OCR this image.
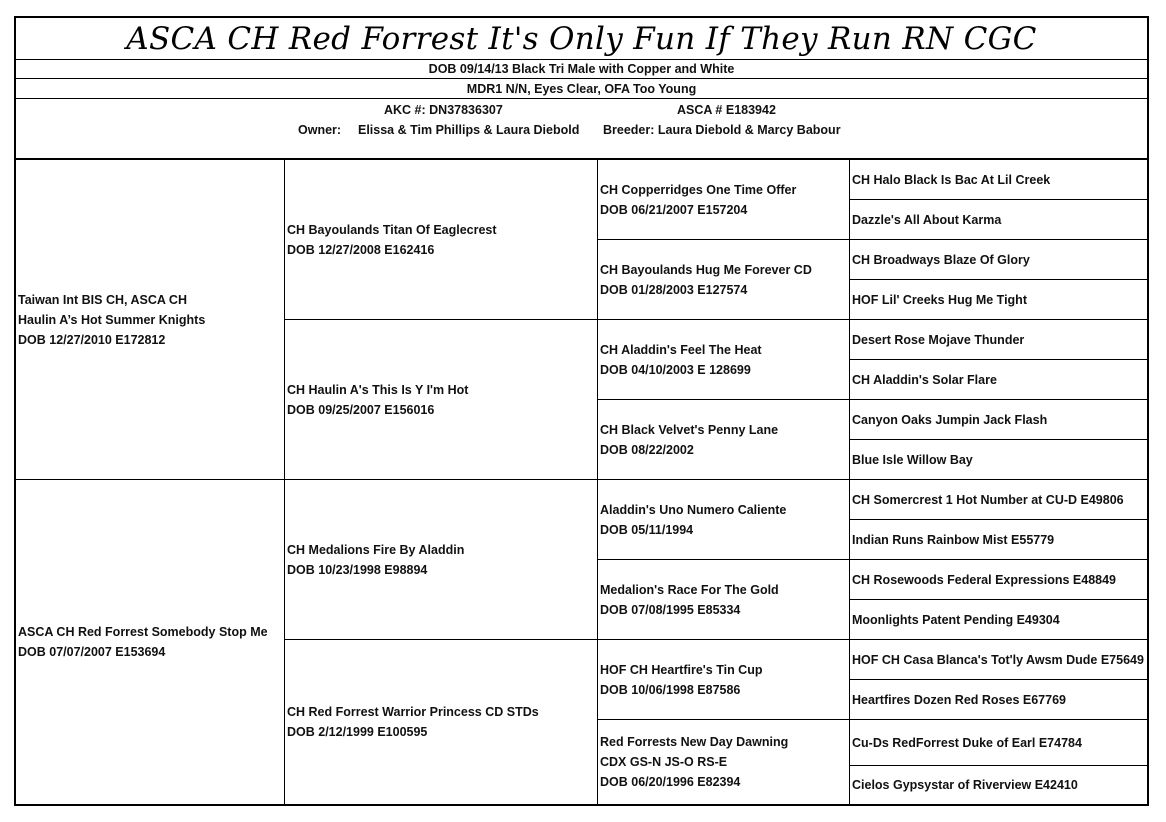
ASCA CH Red Forrest It's Only Fun If They Run RN CGC
DOB 09/14/13 Black Tri Male with Copper and White
MDR1 N/N, Eyes Clear, OFA Too Young
AKC #: DN37836307	ASCA # E183942
Owner: Elissa & Tim Phillips & Laura Diebold Breeder: Laura Diebold & Marcy Babour
Taiwan Int BIS CH, ASCA CH
Haulin A’s Hot Summer Knights
DOB 12/27/2010 E172812
ASCA CH Red Forrest Somebody Stop Me
DOB 07/07/2007 E153694
CH Bayoulands Titan Of Eaglecrest
DOB 12/27/2008 E162416
CH Haulin A's This Is Y I'm Hot
DOB 09/25/2007 E156016
CH Medalions Fire By Aladdin
DOB 10/23/1998 E98894
CH Red Forrest Warrior Princess CD STDs
DOB 2/12/1999 E100595
CH Copperridges One Time Offer
DOB 06/21/2007 E157204
CH Bayoulands Hug Me Forever CD
DOB 01/28/2003 E127574
CH Aladdin's Feel The Heat
DOB 04/10/2003 E 128699
CH Black Velvet's Penny Lane
DOB 08/22/2002
Aladdin's Uno Numero Caliente
DOB 05/11/1994
Medalion's Race For The Gold
DOB 07/08/1995 E85334
HOF CH Heartfire's Tin Cup
DOB 10/06/1998 E87586
Red Forrests New Day Dawning
CDX GS-N JS-O RS-E
DOB 06/20/1996 E82394
CH Halo Black Is Bac At Lil Creek
Dazzle's All About Karma
CH Broadways Blaze Of Glory
HOF Lil' Creeks Hug Me Tight
Desert Rose Mojave Thunder
CH Aladdin's Solar Flare
Canyon Oaks Jumpin Jack Flash
Blue Isle Willow Bay
CH Somercrest 1 Hot Number at CU-D E49806
Indian Runs Rainbow Mist E55779
CH Rosewoods Federal Expressions E48849
Moonlights Patent Pending E49304
HOF CH Casa Blanca's Tot'ly Awsm Dude E75649
Heartfires Dozen Red Roses E67769
Cu-Ds RedForrest Duke of Earl E74784
Cielos Gypsystar of Riverview E42410
